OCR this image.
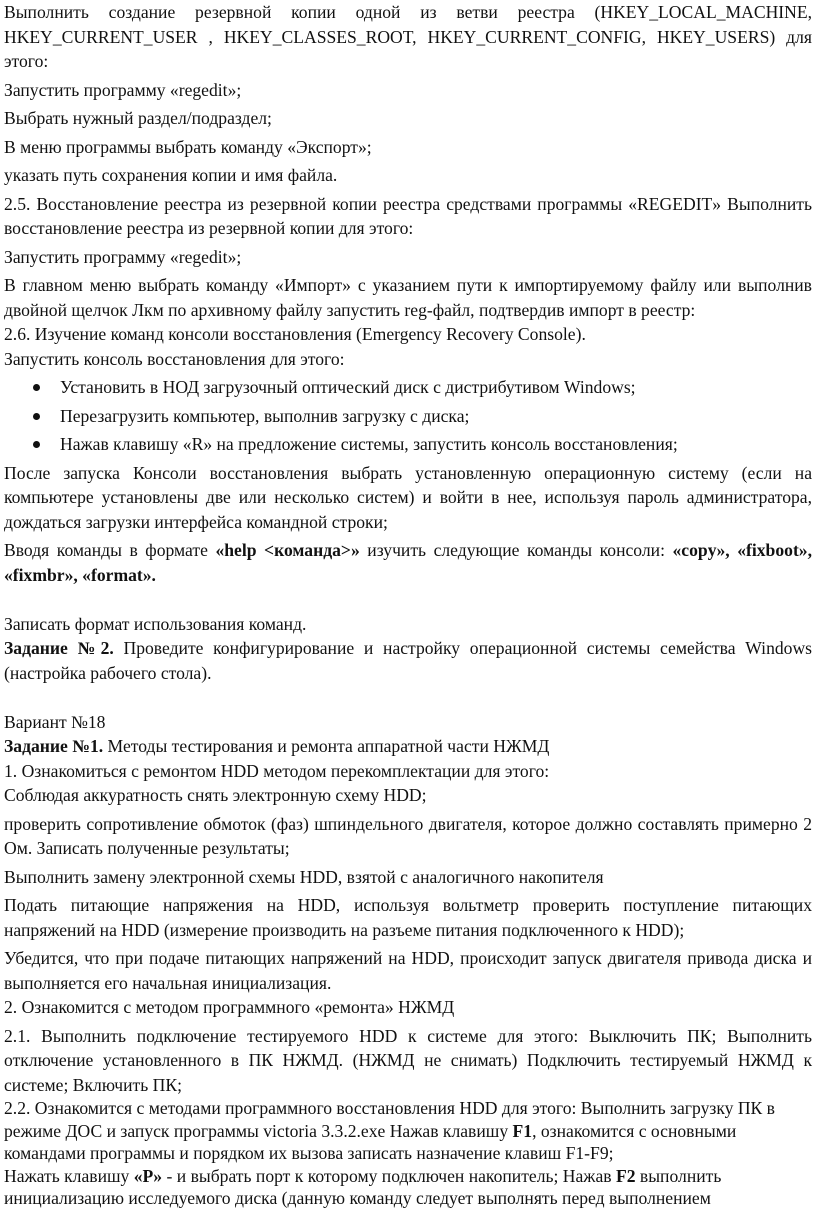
Выполнить создание резервной копии одной из ветви реестра (HKEY_LOCAL_MACHINE, HKEY_CURRENT_USER , HKEY_CLASSES_ROOT, HKEY_CURRENT_CONFIG, HKEY_USERS) для этого:

Запустить программу «regedit»;

Выбрать нужный раздел/подраздел;

В меню программы выбрать команду «Экспорт»;

указать путь сохранения копии и имя файла.

2.5. Восстановление реестра из резервной копии реестра средствами программы «REGEDIT» Выполнить восстановление реестра из резервной копии для этого:

Запустить программу «regedit»;

В главном меню выбрать команду «Импорт» с указанием пути к импортируемому файлу или выполнив двойной щелчок Лкм по архивному файлу запустить reg-файл, подтвердив импорт в реестр:

2.6. Изучение команд консоли восстановления (Emergency Recovery Console).

Запустить консоль восстановления для этого:

Установить в НОД загрузочный оптический диск с дистрибутивом Windows;
Перезагрузить компьютер, выполнив загрузку с диска;
Нажав клавишу «R» на предложение системы, запустить консоль восстановления;

После запуска Консоли восстановления выбрать установленную операционную систему (если на компьютере установлены две или несколько систем) и войти в нее, используя пароль администратора, дождаться загрузки интерфейса командной строки;

Вводя команды в формате «help <команда>» изучить следующие команды консоли: «copy», «fixboot», «fixmbr», «format».

Записать формат использования команд.

Задание №2. Проведите конфигурирование и настройку операционной системы семейства Windows (настройка рабочего стола).

Вариант №18

Задание №1. Методы тестирования и ремонта аппаратной части НЖМД

1. Ознакомиться с ремонтом HDD методом перекомплектации для этого:

Соблюдая аккуратность снять электронную схему HDD;

проверить сопротивление обмоток (фаз) шпиндельного двигателя, которое должно составлять примерно 2 Ом. Записать полученные результаты;

Выполнить замену электронной схемы HDD, взятой с аналогичного накопителя

Подать питающие напряжения на HDD, используя вольтметр проверить поступление питающих напряжений на HDD (измерение производить на разъеме питания подключенного к HDD);

Убедится, что при подаче питающих напряжений на HDD, происходит запуск двигателя привода диска и выполняется его начальная инициализация.

2. Ознакомится с методом программного «ремонта» НЖМД

2.1. Выполнить подключение тестируемого HDD к системе для этого: Выключить ПК; Выполнить отключение установленного в ПК НЖМД. (НЖМД не снимать) Подключить тестируемый НЖМД к системе; Включить ПК;

2.2. Ознакомится с методами программного восстановления HDD для этого: Выполнить загрузку ПК в режиме ДОС и запуск программы victoria 3.3.2.exe Нажав клавишу F1, ознакомится с основными командами программы и порядком их вызова записать назначение клавиш F1-F9;

Нажать клавишу «P» - и выбрать порт к которому подключен накопитель; Нажав F2 выполнить инициализацию исследуемого диска (данную команду следует выполнять перед выполнением
